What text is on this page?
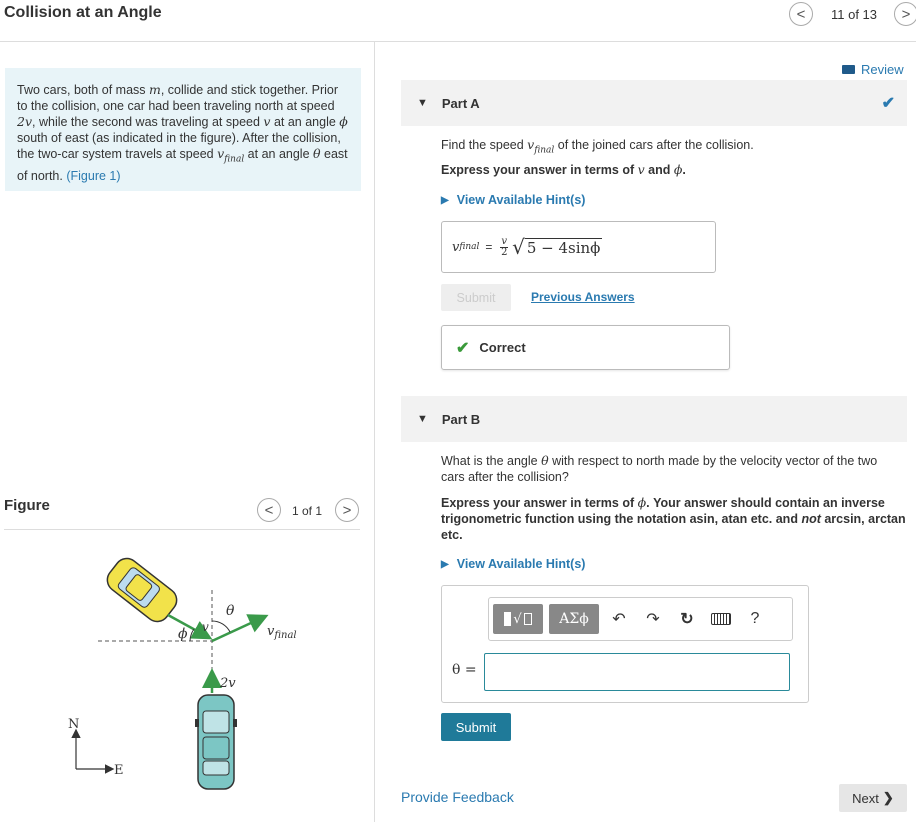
Collision at an Angle	< 11 of 13 >
Two cars, both of mass m, collide and stick together. Prior to the collision, one car had been traveling north at speed 2v, while the second was traveling at speed v at an angle ϕ south of east (as indicated in the figure). After the collision, the two-car system travels at speed $v_{final}$ at an angle θ east of north. (Figure 1)
Figure	< 1 of 1 >
θ
v	$v_{final}$
ϕ
2v
N
E
Review
▼ Part A	✔
Find the speed $v_{final}$ of the joined cars after the collision.
Express your answer in terms of v and ϕ.
▶ View Available Hint(s)
v final = $\frac{v}{2}$ √ 5 − 4sinϕ
Submit	Previous Answers
✔ Correct
▼ Part B
What is the angle θ with respect to north made by the velocity vector of the two cars after the collision?
Express your answer in terms of ϕ. Your answer should contain an inverse trigonometric function using the notation asin, atan etc. and not arcsin, arctan etc.
▶ View Available Hint(s)
√	ΑΣϕ	↶	↷	↻	?
θ =
Submit
Provide Feedback	Next ❯
